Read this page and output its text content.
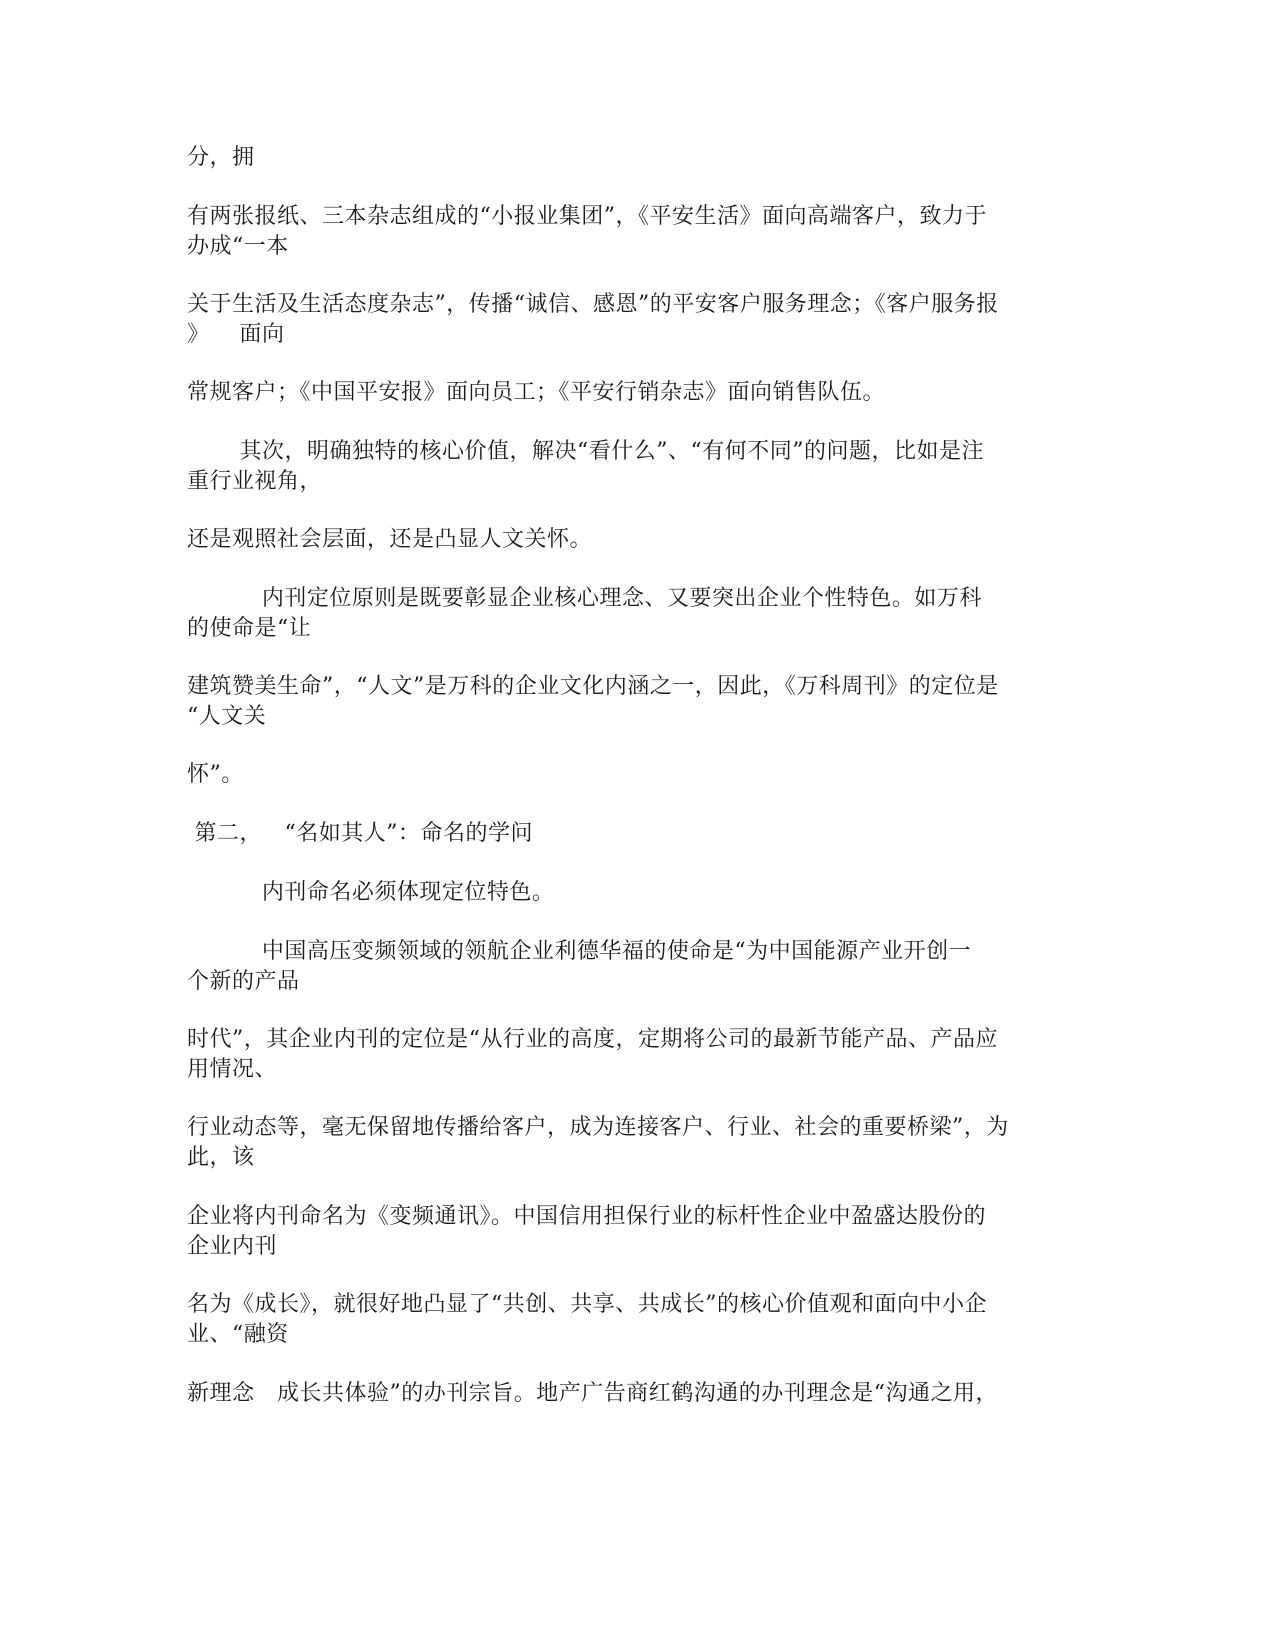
分，拥
有两张报纸、三本杂志组成的“小报业集团”，《平安生活》面向高端客户，致力于
办成“一本
关于生活及生活态度杂志”，传播“诚信、感恩”的平安客户服务理念；《客户服务报
》    面向
常规客户；《中国平安报》面向员工；《平安行销杂志》面向销售队伍。
其次，明确独特的核心价值，解决“看什么”、“有何不同”的问题，比如是注
重行业视角，
还是观照社会层面，还是凸显人文关怀。
内刊定位原则是既要彰显企业核心理念、又要突出企业个性特色。如万科
的使命是“让
建筑赞美生命”，“人文”是万科的企业文化内涵之一，因此，《万科周刊》的定位是
“人文关
怀”。
第二，   “名如其人”：命名的学问
内刊命名必须体现定位特色。
中国高压变频领域的领航企业利德华福的使命是“为中国能源产业开创一
个新的产品
时代”，其企业内刊的定位是“从行业的高度，定期将公司的最新节能产品、产品应
用情况、
行业动态等，毫无保留地传播给客户，成为连接客户、行业、社会的重要桥梁”，为
此，该
企业将内刊命名为《变频通讯》。中国信用担保行业的标杆性企业中盈盛达股份的
企业内刊
名为《成长》，就很好地凸显了“共创、共享、共成长”的核心价值观和面向中小企
业、“融资
新理念   成长共体验”的办刊宗旨。地产广告商红鹤沟通的办刊理念是“沟通之用，
